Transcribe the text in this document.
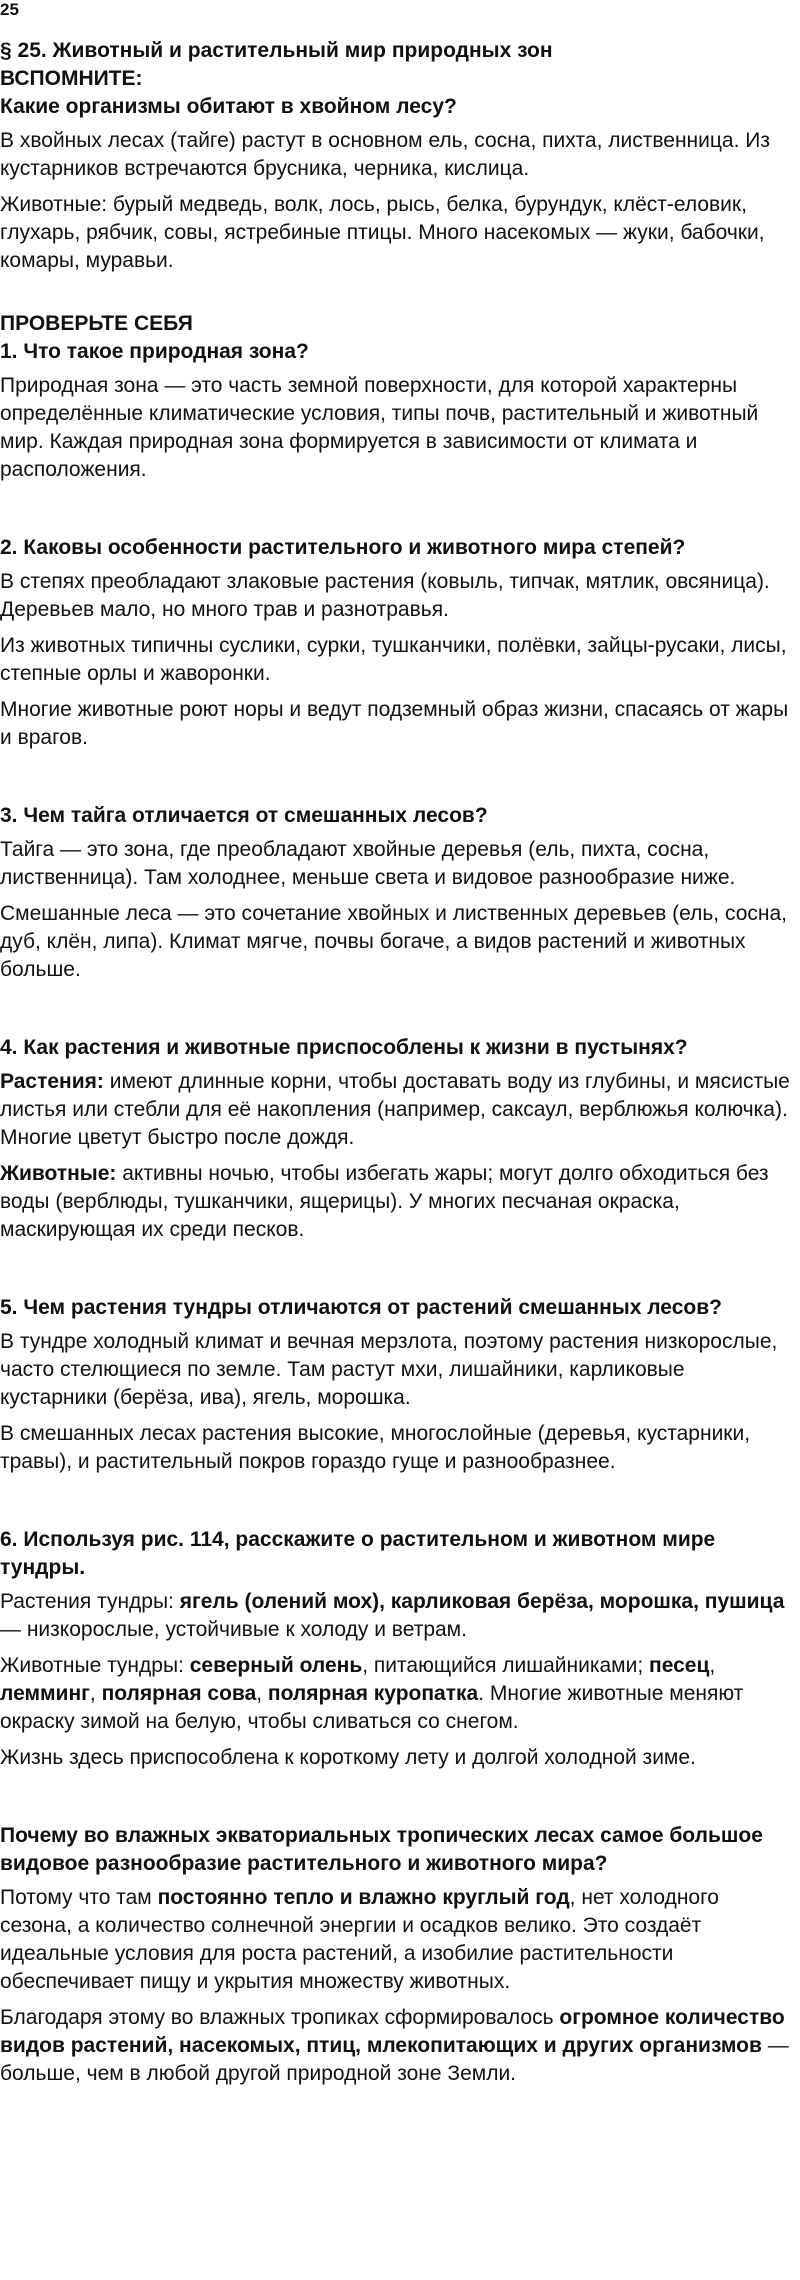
25
§ 25. Животный и растительный мир природных зон
ВСПОМНИТЕ:
Какие организмы обитают в хвойном лесу?

В хвойных лесах (тайге) растут в основном ель, сосна, пихта, лиственница. Из кустарников встречаются брусника, черника, кислица.

Животные: бурый медведь, волк, лось, рысь, белка, бурундук, клёст-еловик, глухарь, рябчик, совы, ястребиные птицы. Много насекомых — жуки, бабочки, комары, муравьи.

ПРОВЕРЬТЕ СЕБЯ
1. Что такое природная зона?

Природная зона — это часть земной поверхности, для которой характерны определённые климатические условия, типы почв, растительный и животный мир. Каждая природная зона формируется в зависимости от климата и расположения.

2. Каковы особенности растительного и животного мира степей?

В степях преобладают злаковые растения (ковыль, типчак, мятлик, овсяница). Деревьев мало, но много трав и разнотравья.

Из животных типичны суслики, сурки, тушканчики, полёвки, зайцы-русаки, лисы, степные орлы и жаворонки.

Многие животные роют норы и ведут подземный образ жизни, спасаясь от жары и врагов.

3. Чем тайга отличается от смешанных лесов?

Тайга — это зона, где преобладают хвойные деревья (ель, пихта, сосна, лиственница). Там холоднее, меньше света и видовое разнообразие ниже.

Смешанные леса — это сочетание хвойных и лиственных деревьев (ель, сосна, дуб, клён, липа). Климат мягче, почвы богаче, а видов растений и животных больше.

4. Как растения и животные приспособлены к жизни в пустынях?

Растения: имеют длинные корни, чтобы доставать воду из глубины, и мясистые листья или стебли для её накопления (например, саксаул, верблюжья колючка). Многие цветут быстро после дождя.

Животные: активны ночью, чтобы избегать жары; могут долго обходиться без воды (верблюды, тушканчики, ящерицы). У многих песчаная окраска, маскирующая их среди песков.

5. Чем растения тундры отличаются от растений смешанных лесов?

В тундре холодный климат и вечная мерзлота, поэтому растения низкорослые, часто стелющиеся по земле. Там растут мхи, лишайники, карликовые кустарники (берёза, ива), ягель, морошка.

В смешанных лесах растения высокие, многослойные (деревья, кустарники, травы), и растительный покров гораздо гуще и разнообразнее.

6. Используя рис. 114, расскажите о растительном и животном мире тундры.

Растения тундры: ягель (олений мох), карликовая берёза, морошка, пушица — низкорослые, устойчивые к холоду и ветрам.

Животные тундры: северный олень, питающийся лишайниками; песец, лемминг, полярная сова, полярная куропатка. Многие животные меняют окраску зимой на белую, чтобы сливаться со снегом.

Жизнь здесь приспособлена к короткому лету и долгой холодной зиме.

Почему во влажных экваториальных тропических лесах самое большое видовое разнообразие растительного и животного мира?

Потому что там постоянно тепло и влажно круглый год, нет холодного сезона, а количество солнечной энергии и осадков велико. Это создаёт идеальные условия для роста растений, а изобилие растительности обеспечивает пищу и укрытия множеству животных.

Благодаря этому во влажных тропиках сформировалось огромное количество видов растений, насекомых, птиц, млекопитающих и других организмов — больше, чем в любой другой природной зоне Земли.
